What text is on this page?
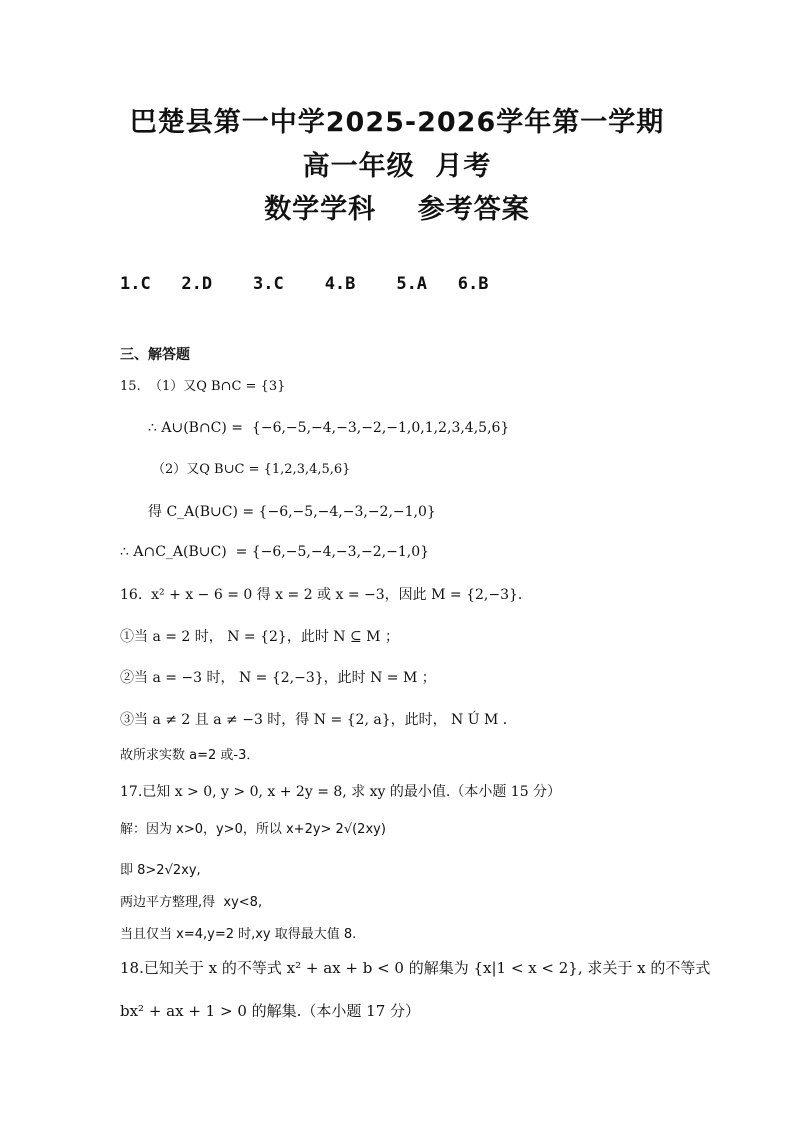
巴楚县第一中学2025-2026学年第一学期
高一年级  月考
数学学科    参考答案
1.C   2.D    3.C    4.B    5.A   6.B
三、解答题
15.  （1）又Q B∩C = {3}
∴ A∪(B∩C) =  {−6,−5,−4,−3,−2,−1,0,1,2,3,4,5,6}
（2）又Q B∪C = {1,2,3,4,5,6}
得 C_A(B∪C) = {−6,−5,−4,−3,−2,−1,0}
∴ A∩C_A(B∪C)  = {−6,−5,−4,−3,−2,−1,0}
16.  x² + x − 6 = 0 得 x = 2 或 x = −3，因此 M = {2,−3}．
①当 a = 2 时， N = {2}，此时 N ⊆ M ；
②当 a = −3 时， N = {2,−3}，此时 N = M ；
③当 a ≠ 2 且 a ≠ −3 时，得 N = {2, a}，此时， N Ú M ．
故所求实数 a=2 或-3．
17.已知 x > 0, y > 0, x + 2y = 8, 求 xy 的最小值.（本小题 15 分）
解：因为 x>0，y>0，所以 x+2y> 2√(2xy)
即 8>2√2xy,
两边平方整理,得  xy<8,
当且仅当 x=4,y=2 时,xy 取得最大值 8.
18.已知关于 x 的不等式 x² + ax + b < 0 的解集为 {x|1 < x < 2}, 求关于 x 的不等式
bx² + ax + 1 > 0 的解集.（本小题 17 分）
